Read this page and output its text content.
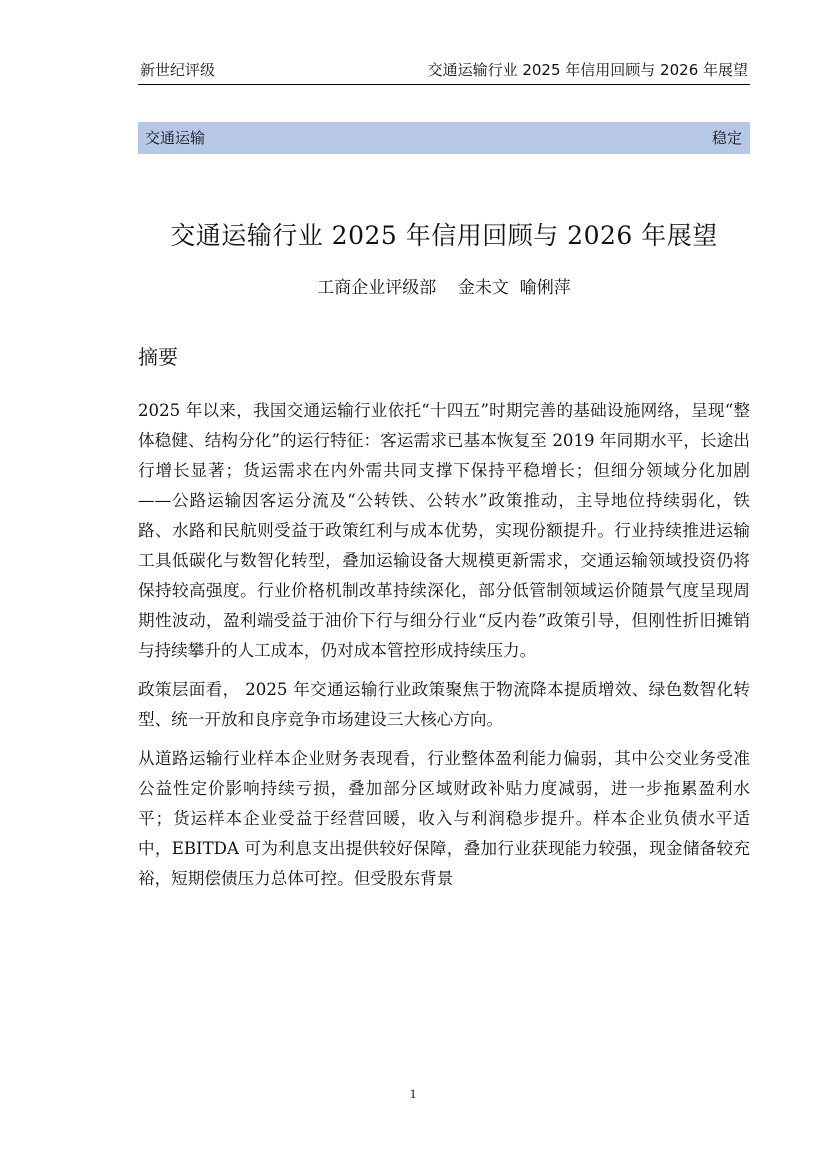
新世纪评级	交通运输行业 2025 年信用回顾与 2026 年展望
交通运输	稳定
交通运输行业 2025 年信用回顾与 2026 年展望
工商企业评级部    金未文  喻俐萍
摘要

2025 年以来，我国交通运输行业依托“十四五”时期完善的基础设施网络，呈现“整体稳健、结构分化”的运行特征：客运需求已基本恢复至 2019 年同期水平，长途出行增长显著；货运需求在内外需共同支撑下保持平稳增长；但细分领域分化加剧——公路运输因客运分流及“公转铁、公转水”政策推动，主导地位持续弱化，铁路、水路和民航则受益于政策红利与成本优势，实现份额提升。行业持续推进运输工具低碳化与数智化转型，叠加运输设备大规模更新需求，交通运输领域投资仍将保持较高强度。行业价格机制改革持续深化，部分低管制领域运价随景气度呈现周期性波动，盈利端受益于油价下行与细分行业“反内卷”政策引导，但刚性折旧摊销与持续攀升的人工成本，仍对成本管控形成持续压力。

政策层面看， 2025 年交通运输行业政策聚焦于物流降本提质增效、绿色数智化转型、统一开放和良序竞争市场建设三大核心方向。

从道路运输行业样本企业财务表现看，行业整体盈利能力偏弱，其中公交业务受准公益性定价影响持续亏损，叠加部分区域财政补贴力度减弱，进一步拖累盈利水平；货运样本企业受益于经营回暖，收入与利润稳步提升。样本企业负债水平适中，EBITDA 可为利息支出提供较好保障，叠加行业获现能力较强，现金储备较充裕，短期偿债压力总体可控。但受股东背景

1
